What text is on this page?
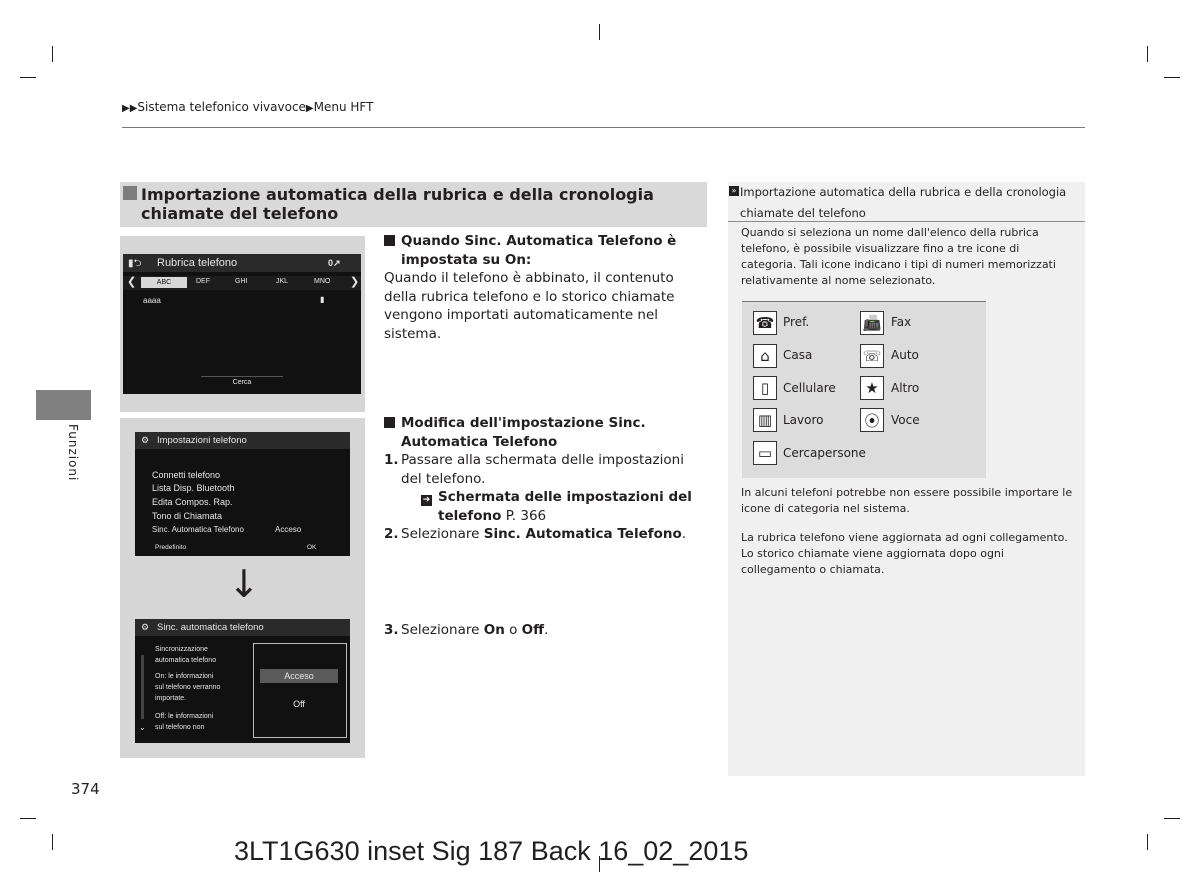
▶▶Sistema telefonico vivavoce▶Menu HFT
Importazione automatica della rubrica e della cronologia chiamate del telefono
▮⮌ Rubrica telefono	0↗
❮	❯
ABC	DEF	GHI	JKL	MNO
aaaa	▮
Cerca
⚙ Impostazioni telefono
Connetti telefono
Lista Disp. Bluetooth
Edita Compos. Rap.
Tono di Chiamata
Sinc. Automatica Telefono	Acceso
Predefinito	OK
↓
⚙ Sinc. automatica telefono
Sincronizzazione
automatica telefono
On: le informazioni
sul telefono verranno
importate.
Off: le informazioni
sul telefono non
⌄
Acceso
Off
Quando Sinc. Automatica Telefono è impostata su On:
Quando il telefono è abbinato, il contenuto della rubrica telefono e lo storico chiamate vengono importati automaticamente nel sistema.
Modifica dell'impostazione Sinc. Automatica Telefono
1. Passare alla schermata delle impostazioni del telefono.
➔ Schermata delle impostazioni del telefono P. 366
2. Selezionare Sinc. Automatica Telefono.
3. Selezionare On o Off.
» Importazione automatica della rubrica e della cronologia chiamate del telefono
Quando si seleziona un nome dall'elenco della rubrica telefono, è possibile visualizzare fino a tre icone di categoria. Tali icone indicano i tipi di numeri memorizzati relativamente al nome selezionato.
☎ Pref.	📠 Fax
⌂	Casa	☏ Auto
▯	Cellulare	★	Altro
▥ Lavoro	⦿ Voce
▭ Cercapersone
In alcuni telefoni potrebbe non essere possibile importare le icone di categoria nel sistema.
La rubrica telefono viene aggiornata ad ogni collegamento. Lo storico chiamate viene aggiornata dopo ogni collegamento o chiamata.
Funzioni
374
3LT1G630 inset Sig 187 Back 16_02_2015
